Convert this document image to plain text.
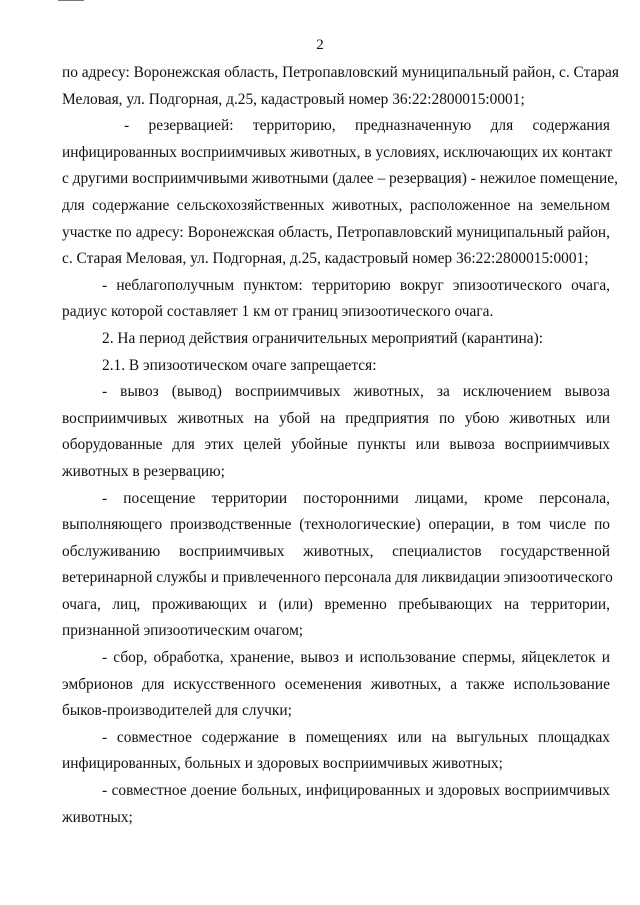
2
по адресу: Воронежская область, Петропавловский муниципальный район, с. Старая
Меловая, ул. Подгорная, д.25, кадастровый номер 36:22:2800015:0001;
- резервацией: территорию, предназначенную для содержания
инфицированных восприимчивых животных, в условиях, исключающих их контакт
с другими восприимчивыми животными (далее – резервация) - нежилое помещение,
для содержание сельскохозяйственных животных, расположенное на земельном
участке по адресу: Воронежская область, Петропавловский муниципальный район,
с. Старая Меловая, ул. Подгорная, д.25, кадастровый номер 36:22:2800015:0001;
- неблагополучным пунктом: территорию вокруг эпизоотического очага,
радиус которой составляет 1 км от границ эпизоотического очага.
2. На период действия ограничительных мероприятий (карантина):
2.1. В эпизоотическом очаге запрещается:
- вывоз (вывод) восприимчивых животных, за исключением вывоза
восприимчивых животных на убой на предприятия по убою животных или
оборудованные для этих целей убойные пункты или вывоза восприимчивых
животных в резервацию;
- посещение территории посторонними лицами, кроме персонала,
выполняющего производственные (технологические) операции, в том числе по
обслуживанию восприимчивых животных, специалистов государственной
ветеринарной службы и привлеченного персонала для ликвидации эпизоотического
очага, лиц, проживающих и (или) временно пребывающих на территории,
признанной эпизоотическим очагом;
- сбор, обработка, хранение, вывоз и использование спермы, яйцеклеток и
эмбрионов для искусственного осеменения животных, а также использование
быков-производителей для случки;
- совместное содержание в помещениях или на выгульных площадках
инфицированных, больных и здоровых восприимчивых животных;
- совместное доение больных, инфицированных и здоровых восприимчивых
животных;
